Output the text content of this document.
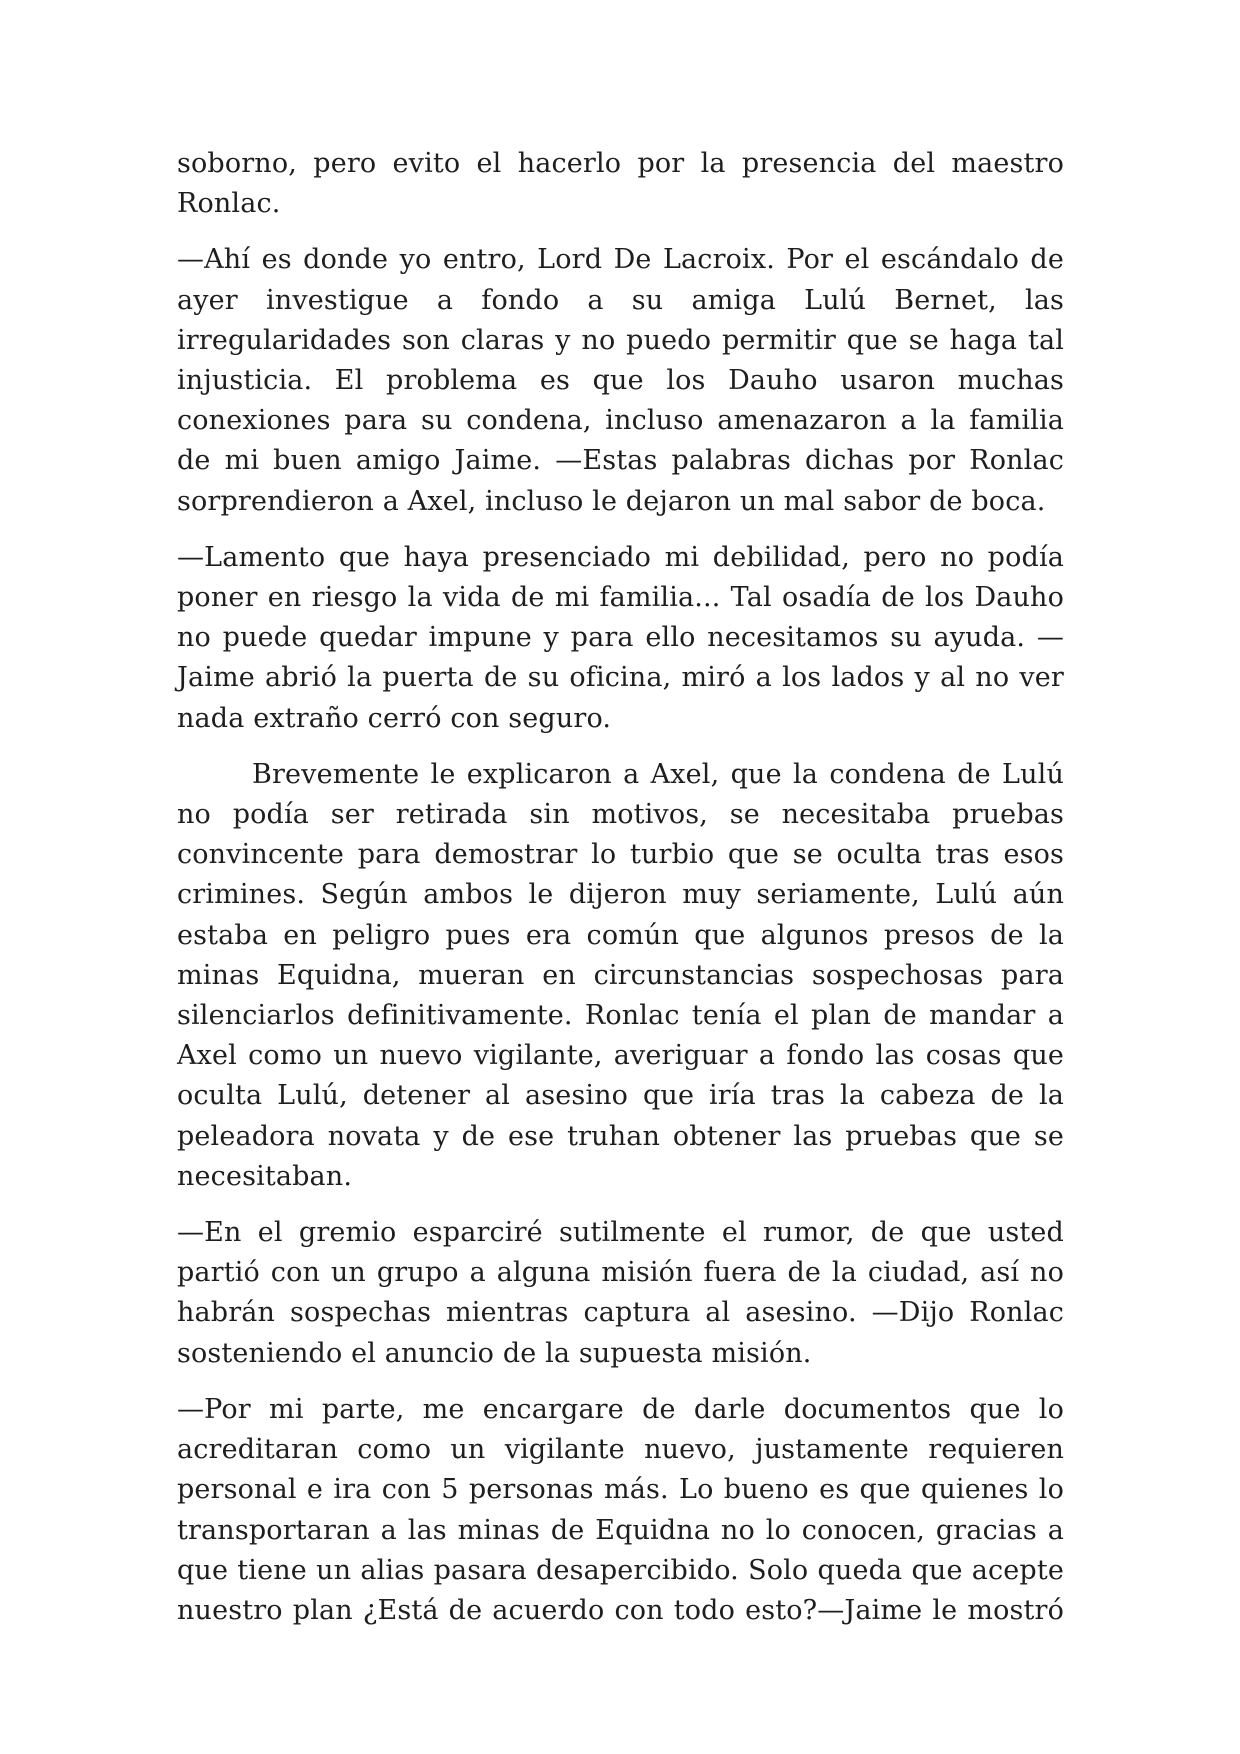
soborno, pero evito el hacerlo por la presencia del maestro Ronlac.

—Ahí es donde yo entro, Lord De Lacroix. Por el escándalo de ayer investigue a fondo a su amiga Lulú Bernet, las irregularidades son claras y no puedo permitir que se haga tal injusticia. El problema es que los Dauho usaron muchas conexiones para su condena, incluso amenazaron a la familia de mi buen amigo Jaime. —Estas palabras dichas por Ronlac sorprendieron a Axel, incluso le dejaron un mal sabor de boca.

—Lamento que haya presenciado mi debilidad, pero no podía poner en riesgo la vida de mi familia... Tal osadía de los Dauho no puede quedar impune y para ello necesitamos su ayuda. —Jaime abrió la puerta de su oficina, miró a los lados y al no ver nada extraño cerró con seguro.

Brevemente le explicaron a Axel, que la condena de Lulú no podía ser retirada sin motivos, se necesitaba pruebas convincente para demostrar lo turbio que se oculta tras esos crimines. Según ambos le dijeron muy seriamente, Lulú aún estaba en peligro pues era común que algunos presos de la minas Equidna, mueran en circunstancias sospechosas para silenciarlos definitivamente. Ronlac tenía el plan de mandar a Axel como un nuevo vigilante, averiguar a fondo las cosas que oculta Lulú, detener al asesino que iría tras la cabeza de la peleadora novata y de ese truhan obtener las pruebas que se necesitaban.

—En el gremio esparciré sutilmente el rumor, de que usted partió con un grupo a alguna misión fuera de la ciudad, así no habrán sospechas mientras captura al asesino. —Dijo Ronlac sosteniendo el anuncio de la supuesta misión.

—Por mi parte, me encargare de darle documentos que lo acreditaran como un vigilante nuevo, justamente requieren personal e ira con 5 personas más. Lo bueno es que quienes lo transportaran a las minas de Equidna no lo conocen, gracias a que tiene un alias pasara desapercibido. Solo queda que acepte nuestro plan ¿Está de acuerdo con todo esto?—Jaime le mostró
